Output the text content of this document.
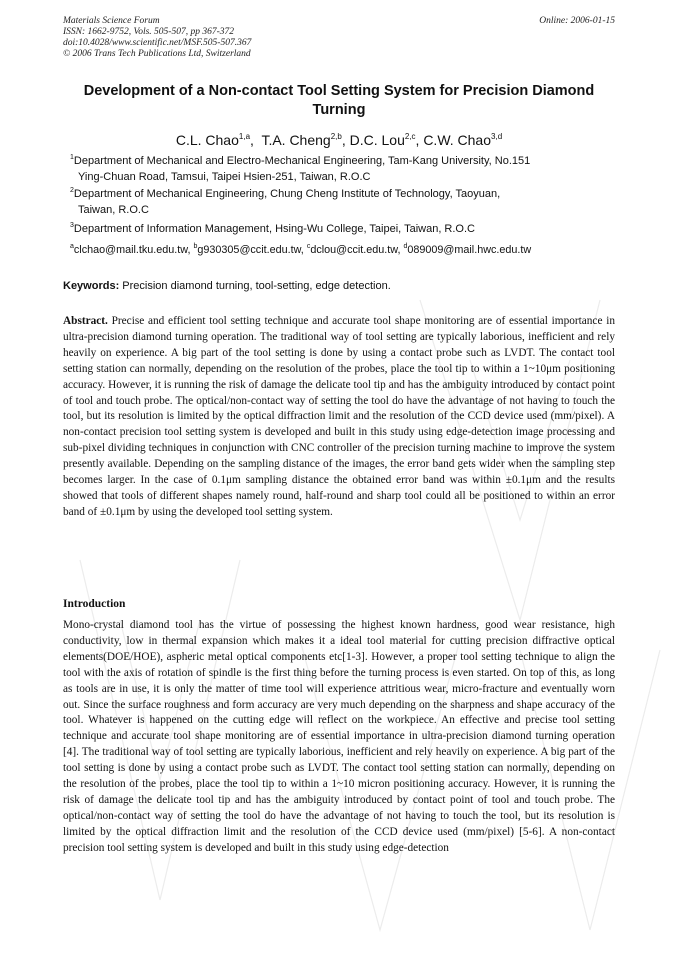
Materials Science Forum
ISSN: 1662-9752, Vols. 505-507, pp 367-372
doi:10.4028/www.scientific.net/MSF.505-507.367
© 2006 Trans Tech Publications Ltd, Switzerland
Online: 2006-01-15
Development of a Non-contact Tool Setting System for Precision Diamond Turning
C.L. Chao$^{1,a}$,  T.A. Cheng$^{2,b}$, D.C. Lou$^{2,c}$, C.W. Chao$^{3,d}$
$^1$Department of Mechanical and Electro-Mechanical Engineering, Tam-Kang University, No.151
Ying-Chuan Road, Tamsui, Taipei Hsien-251, Taiwan, R.O.C
$^2$Department of Mechanical Engineering, Chung Cheng Institute of Technology, Taoyuan,
Taiwan, R.O.C
$^3$Department of Information Management, Hsing-Wu College, Taipei, Taiwan, R.O.C
$^a$clchao@mail.tku.edu.tw, $^b$g930305@ccit.edu.tw, $^c$dclou@ccit.edu.tw, $^d$089009@mail.hwc.edu.tw
Keywords: Precision diamond turning, tool-setting, edge detection.
Abstract. Precise and efficient tool setting technique and accurate tool shape monitoring are of essential importance in ultra-precision diamond turning operation. The traditional way of tool setting are typically laborious, inefficient and rely heavily on experience. A big part of the tool setting is done by using a contact probe such as LVDT. The contact tool setting station can normally, depending on the resolution of the probes, place the tool tip to within a 1~10μm positioning accuracy. However, it is running the risk of damage the delicate tool tip and has the ambiguity introduced by contact point of tool and touch probe. The optical/non-contact way of setting the tool do have the advantage of not having to touch the tool, but its resolution is limited by the optical diffraction limit and the resolution of the CCD device used (mm/pixel). A non-contact precision tool setting system is developed and built in this study using edge-detection image processing and sub-pixel dividing techniques in conjunction with CNC controller of the precision turning machine to improve the system presently available. Depending on the sampling distance of the images, the error band gets wider when the sampling step becomes larger. In the case of 0.1μm sampling distance the obtained error band was within ±0.1μm and the results showed that tools of different shapes namely round, half-round and sharp tool could all be positioned to within an error band of ±0.1μm by using the developed tool setting system.
Introduction
Mono-crystal diamond tool has the virtue of possessing the highest known hardness, good wear resistance, high conductivity, low in thermal expansion which makes it a ideal tool material for cutting precision diffractive optical elements(DOE/HOE), aspheric metal optical components etc[1-3]. However, a proper tool setting technique to align the tool with the axis of rotation of spindle is the first thing before the turning process is even started. On top of this, as long as tools are in use, it is only the matter of time tool will experience attritious wear, micro-fracture and eventually worn out. Since the surface roughness and form accuracy are very much depending on the sharpness and shape accuracy of the tool. Whatever is happened on the cutting edge will reflect on the workpiece. An effective and precise tool setting technique and accurate tool shape monitoring are of essential importance in ultra-precision diamond turning operation [4]. The traditional way of tool setting are typically laborious, inefficient and rely heavily on experience. A big part of the tool setting is done by using a contact probe such as LVDT. The contact tool setting station can normally, depending on the resolution of the probes, place the tool tip to within a 1~10 micron positioning accuracy. However, it is running the risk of damage the delicate tool tip and has the ambiguity introduced by contact point of tool and touch probe. The optical/non-contact way of setting the tool do have the advantage of not having to touch the tool, but its resolution is limited by the optical diffraction limit and the resolution of the CCD device used (mm/pixel) [5-6]. A non-contact precision tool setting system is developed and built in this study using edge-detection
